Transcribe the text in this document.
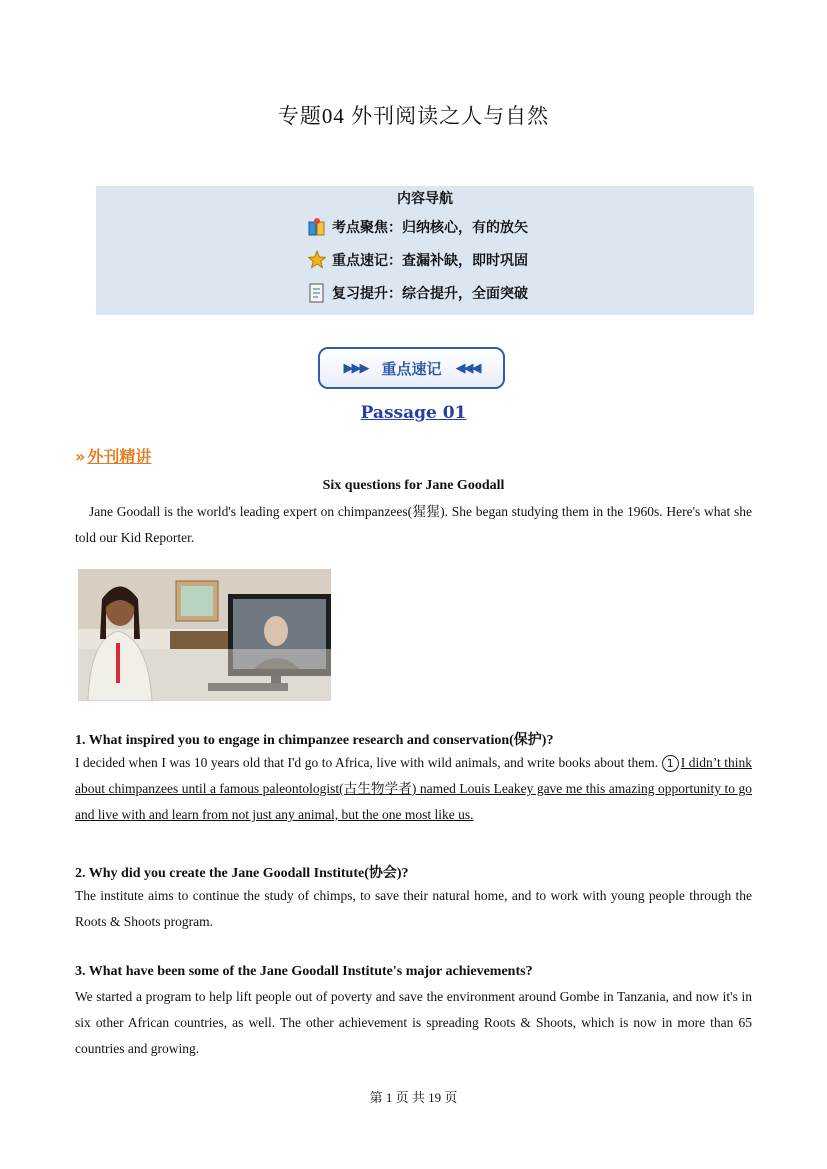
专题04 外刊阅读之人与自然
内容导航
考点聚焦：归纳核心，有的放矢
重点速记：查漏补缺，即时巩固
复习提升：综合提升，全面突破
▶▶▶ 重点速记 ◀◀◀
Passage 01
» 外刊精讲
Six questions for Jane Goodall
Jane Goodall is the world's leading expert on chimpanzees(猩猩). She began studying them in the 1960s. Here's what she told our Kid Reporter.
1. What inspired you to engage in chimpanzee research and conservation(保护)?
I decided when I was 10 years old that I'd go to Africa, live with wild animals, and write books about them. 1 I didn’t think about chimpanzees until a famous paleontologist(古生物学者) named Louis Leakey gave me this amazing opportunity to go and live with and learn from not just any animal, but the one most like us.
2. Why did you create the Jane Goodall Institute(协会)?
The institute aims to continue the study of chimps, to save their natural home, and to work with young people through the Roots & Shoots program.
3. What have been some of the Jane Goodall Institute's major achievements?
We started a program to help lift people out of poverty and save the environment around Gombe in Tanzania, and now it's in six other African countries, as well. The other achievement is spreading Roots & Shoots, which is now in more than 65 countries and growing.
第 1 页 共 19 页
